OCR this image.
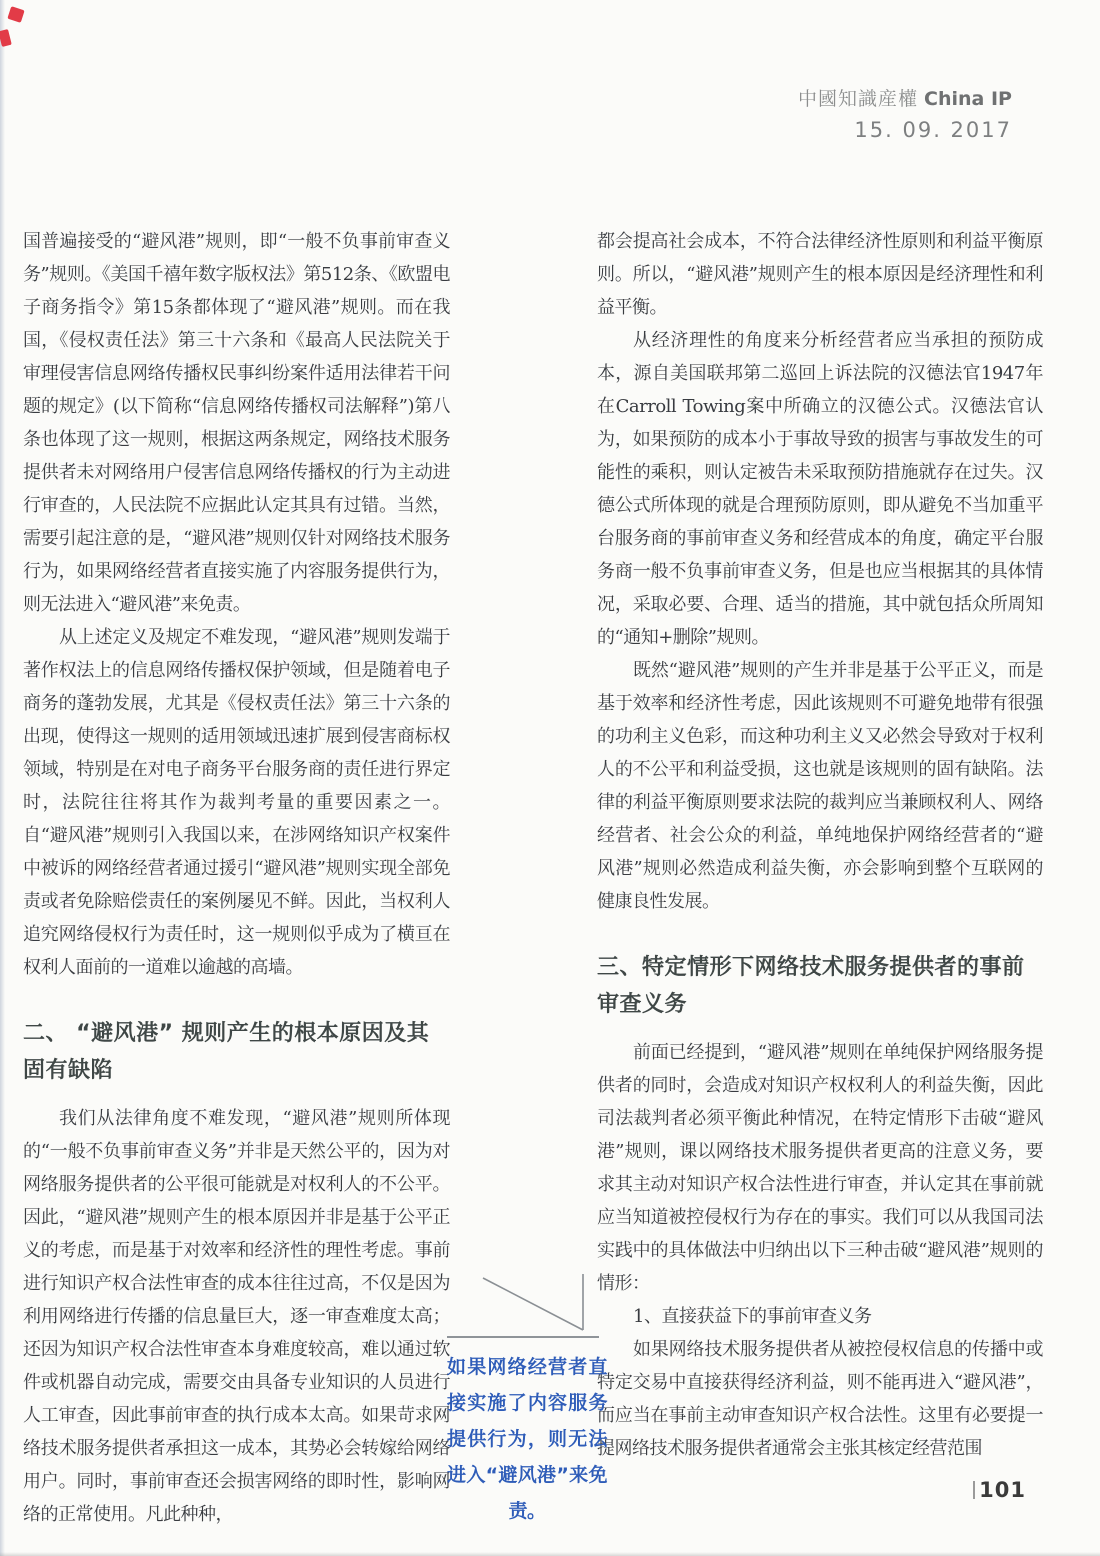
中國知識産權 China IP
15. 09. 2017

国普遍接受的“避风港”规则，即“一般不负事前审查义务”规则。《美国千禧年数字版权法》第512条、《欧盟电子商务指令》第15条都体现了“避风港”规则。而在我国，《侵权责任法》第三十六条和《最高人民法院关于审理侵害信息网络传播权民事纠纷案件适用法律若干问题的规定》(以下简称“信息网络传播权司法解释”)第八条也体现了这一规则，根据这两条规定，网络技术服务提供者未对网络用户侵害信息网络传播权的行为主动进行审查的，人民法院不应据此认定其具有过错。当然，需要引起注意的是，“避风港”规则仅针对网络技术服务行为，如果网络经营者直接实施了内容服务提供行为，则无法进入“避风港”来免责。

从上述定义及规定不难发现，“避风港”规则发端于著作权法上的信息网络传播权保护领域，但是随着电子商务的蓬勃发展，尤其是《侵权责任法》第三十六条的出现，使得这一规则的适用领域迅速扩展到侵害商标权领域，特别是在对电子商务平台服务商的责任进行界定时，法院往往将其作为裁判考量的重要因素之一。自“避风港”规则引入我国以来，在涉网络知识产权案件中被诉的网络经营者通过援引“避风港”规则实现全部免责或者免除赔偿责任的案例屡见不鲜。因此，当权利人追究网络侵权行为责任时，这一规则似乎成为了横亘在权利人面前的一道难以逾越的高墙。

二、 “避风港” 规则产生的根本原因及其固有缺陷

我们从法律角度不难发现，“避风港”规则所体现的“一般不负事前审查义务”并非是天然公平的，因为对网络服务提供者的公平很可能就是对权利人的不公平。因此，“避风港”规则产生的根本原因并非是基于公平正义的考虑，而是基于对效率和经济性的理性考虑。事前进行知识产权合法性审查的成本往往过高，不仅是因为利用网络进行传播的信息量巨大，逐一审查难度太高；还因为知识产权合法性审查本身难度较高，难以通过软件或机器自动完成，需要交由具备专业知识的人员进行人工审查，因此事前审查的执行成本太高。如果苛求网络技术服务提供者承担这一成本，其势必会转嫁给网络用户。同时，事前审查还会损害网络的即时性，影响网络的正常使用。凡此种种，

都会提高社会成本，不符合法律经济性原则和利益平衡原则。所以，“避风港”规则产生的根本原因是经济理性和利益平衡。

从经济理性的角度来分析经营者应当承担的预防成本，源自美国联邦第二巡回上诉法院的汉德法官1947年在Carroll Towing案中所确立的汉德公式。汉德法官认为，如果预防的成本小于事故导致的损害与事故发生的可能性的乘积，则认定被告未采取预防措施就存在过失。汉德公式所体现的就是合理预防原则，即从避免不当加重平台服务商的事前审查义务和经营成本的角度，确定平台服务商一般不负事前审查义务，但是也应当根据其的具体情况，采取必要、合理、适当的措施，其中就包括众所周知的“通知+删除”规则。

既然“避风港”规则的产生并非是基于公平正义，而是基于效率和经济性考虑，因此该规则不可避免地带有很强的功利主义色彩，而这种功利主义又必然会导致对于权利人的不公平和利益受损，这也就是该规则的固有缺陷。法律的利益平衡原则要求法院的裁判应当兼顾权利人、网络经营者、社会公众的利益，单纯地保护网络经营者的“避风港”规则必然造成利益失衡，亦会影响到整个互联网的健康良性发展。

三、特定情形下网络技术服务提供者的事前审查义务

前面已经提到，“避风港”规则在单纯保护网络服务提供者的同时，会造成对知识产权权利人的利益失衡，因此司法裁判者必须平衡此种情况，在特定情形下击破“避风港”规则，课以网络技术服务提供者更高的注意义务，要求其主动对知识产权合法性进行审查，并认定其在事前就应当知道被控侵权行为存在的事实。我们可以从我国司法实践中的具体做法中归纳出以下三种击破“避风港”规则的情形：

1、直接获益下的事前审查义务

如果网络技术服务提供者从被控侵权信息的传播中或特定交易中直接获得经济利益，则不能再进入“避风港”，而应当在事前主动审查知识产权合法性。这里有必要提一提网络技术服务提供者通常会主张其核定经营范围

如果网络经营者直接实施了内容服务提供行为，则无法进入“避风港”来免责。
101
